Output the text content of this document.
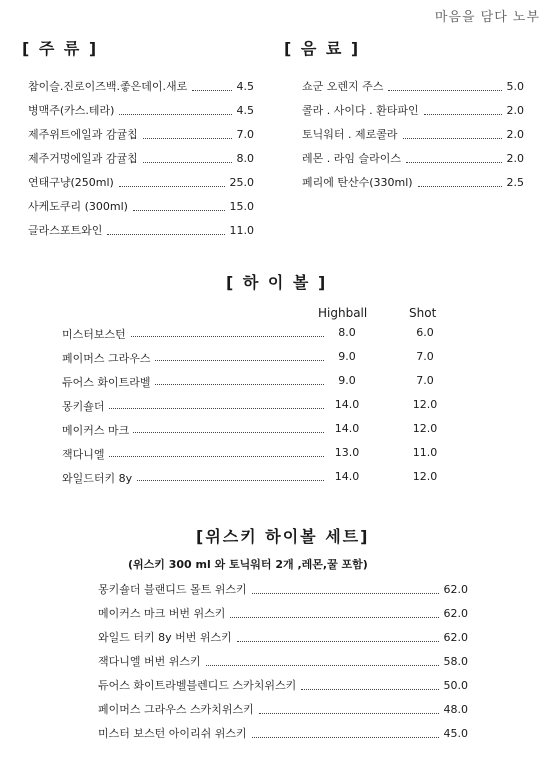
마음을 담다 노부
[ 주 류 ]
참이슬.진로이즈백.좋은데이.새로	4.5
병맥주(카스.테라)	4.5
제주위트에일과 감귤칩	7.0
제주거멍에일과 감귤칩	8.0
연태구냥(250ml)	25.0
사케도쿠리 (300ml)	15.0
글라스포트와인	11.0
[ 음 료 ]
쇼군 오렌지 주스	5.0
콜라 . 사이다 . 환타파인	2.0
토닉워터 . 제로콜라	2.0
레몬 . 라임 슬라이스	2.0
페리에 탄산수(330ml)	2.5
[ 하 이 볼 ]
Highball	Shot
미스터보스턴	8.0	6.0
페이머스 그라우스	9.0	7.0
듀어스 화이트라벨	9.0	7.0
몽키숄더	14.0	12.0
메이커스 마크	14.0	12.0
잭다니엘	13.0	11.0
와일드터키 8y	14.0	12.0
[위스키 하이볼 세트]
(위스키 300 ml 와 토닉워터 2개 ,레몬,꿀 포함)
몽키숄더 블랜디드 몰트 위스키	62.0
메이커스 마크 버번 위스키	62.0
와일드 터키 8y 버번 위스키	62.0
잭다니엘 버번 위스키	58.0
듀어스 화이트라벨블렌디드 스카치위스키	50.0
페이머스 그라우스 스카치위스키	48.0
미스터 보스턴 아이리쉬 위스키	45.0
